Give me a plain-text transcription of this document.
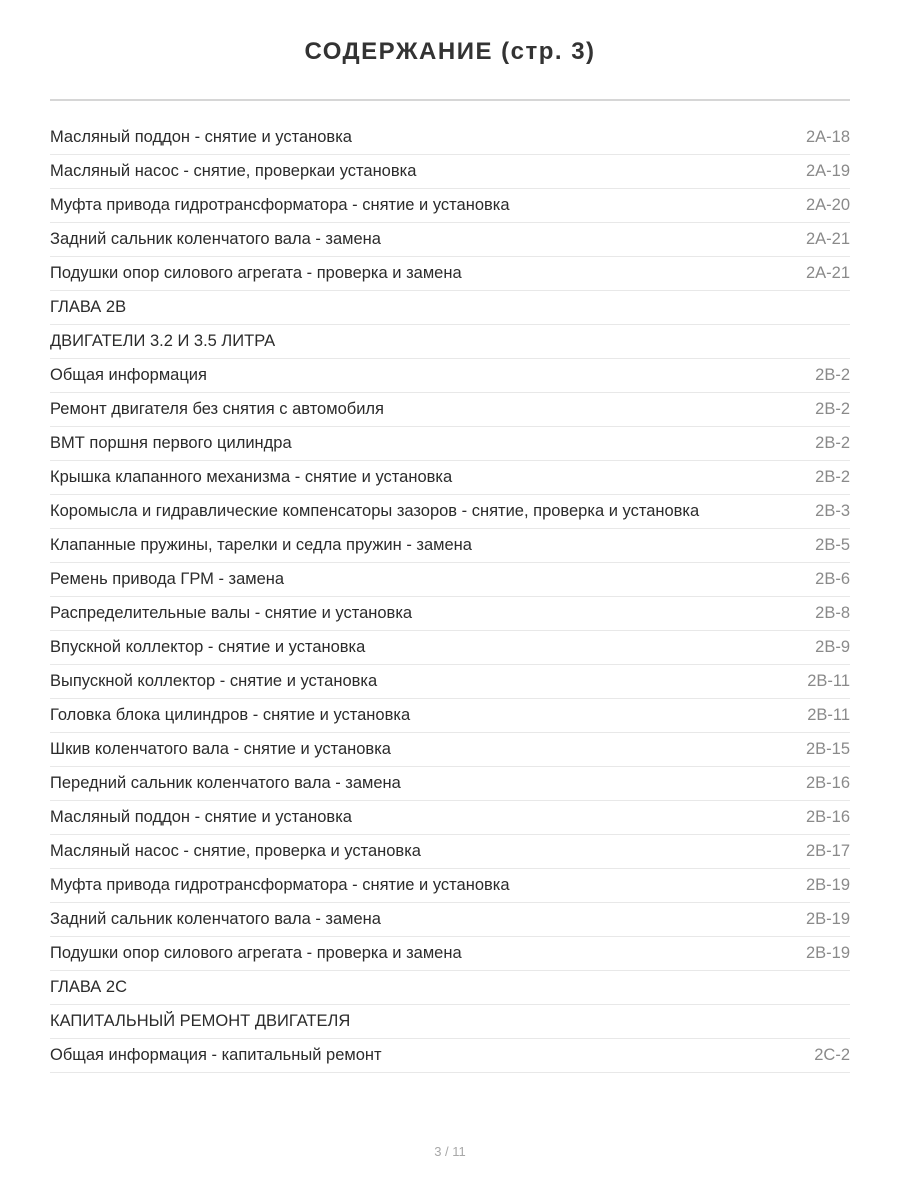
СОДЕРЖАНИЕ (стр. 3)
Масляный поддон - снятие и установка	2A-18
Масляный насос - снятие, проверкаи установка	2A-19
Муфта привода гидротрансформатора - снятие и установка	2A-20
Задний сальник коленчатого вала - замена	2A-21
Подушки опор силового агрегата - проверка и замена	2A-21
ГЛАВА 2B
ДВИГАТЕЛИ 3.2 И 3.5 ЛИТРА
Общая информация	2B-2
Ремонт двигателя без снятия с автомобиля	2B-2
ВМТ поршня первого цилиндра	2B-2
Крышка клапанного механизма - снятие и установка	2B-2
Коромысла и гидравлические компенсаторы зазоров - снятие, проверка и установка	2B-3
Клапанные пружины, тарелки и седла пружин - замена	2B-5
Ремень привода ГРМ - замена	2B-6
Распределительные валы - снятие и установка	2B-8
Впускной коллектор - снятие и установка	2B-9
Выпускной коллектор - снятие и установка	2B-11
Головка блока цилиндров - снятие и установка	2B-11
Шкив коленчатого вала - снятие и установка	2B-15
Передний сальник коленчатого вала - замена	2B-16
Масляный поддон - снятие и установка	2B-16
Масляный насос - снятие, проверка и установка	2B-17
Муфта привода гидротрансформатора - снятие и установка	2B-19
Задний сальник коленчатого вала - замена	2B-19
Подушки опор силового агрегата - проверка и замена	2B-19
ГЛАВА 2C
КАПИТАЛЬНЫЙ РЕМОНТ ДВИГАТЕЛЯ
Общая информация - капитальный ремонт	2C-2
3 / 11
